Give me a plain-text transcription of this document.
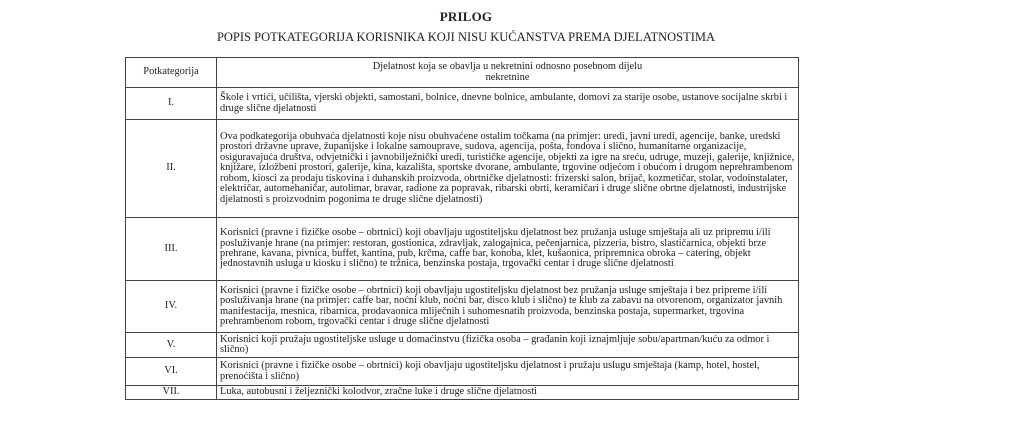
PRILOG
POPIS POTKATEGORIJA KORISNIKA KOJI NISU KUĆANSTVA PREMA DJELATNOSTIMA
Potkategorija	Djelatnost koja se obavlja u nekretnini odnosno posebnom dijelu nekretnine

I.	Škole i vrtići, učilišta, vjerski objekti, samostani, bolnice, dnevne bolnice, ambulante, domovi za starije osobe, ustanove socijalne skrbi i druge slične djelatnosti
II.	Ova podkategorija obuhvaća djelatnosti koje nisu obuhvaćene ostalim točkama (na primjer: uredi, javni uredi, agencije, banke, uredski prostori državne uprave, županijske i lokalne samouprave, sudova, agencija, pošta, fondova i slično, humanitarne organizacije, osiguravajuća društva, odvjetnički i javnobilježnički uredi, turističke agencije, objekti za igre na sreću, udruge, muzeji, galerije, knjižnice, knjižare, izložbeni prostori, galerije, kina, kazališta, sportske dvorane, ambulante, trgovine odjećom i obućom i drugom neprehrambenom robom, kiosci za prodaju tiskovina i duhanskih proizvoda, obrtničke djelatnosti: frizerski salon, brijač, kozmetičar, stolar, vodoinstalater, električar, automehaničar, autolimar, bravar, radione za popravak, ribarski obrti, keramičari i druge slične obrtne djelatnosti, industrijske djelatnosti s proizvodnim pogonima te druge slične djelatnosti)
III.	Korisnici (pravne i fizičke osobe – obrtnici) koji obavljaju ugostiteljsku djelatnost bez pružanja usluge smještaja ali uz pripremu i/ili posluživanje hrane (na primjer: restoran, gostionica, zdravljak, zalogajnica, pečenjarnica, pizzeria, bistro, slastičarnica, objekti brze prehrane, kavana, pivnica, buffet, kantina, pub, krčma, caffe bar, konoba, klet, kušaonica, pripremnica obroka – catering, objekt jednostavnih usluga u kiosku i slično) te tržnica, benzinska postaja, trgovački centar i druge slične djelatnosti
IV.	Korisnici (pravne i fizičke osobe – obrtnici) koji obavljaju ugostiteljsku djelatnost bez pružanja usluge smještaja i bez pripreme i/ili posluživanja hrane (na primjer: caffe bar, noćni klub, noćni bar, disco klub i slično) te klub za zabavu na otvorenom, organizator javnih manifestacija, mesnica, ribarnica, prodavaonica mliječnih i suhomesnatih proizvoda, benzinska postaja, supermarket, trgovina prehrambenom robom, trgovački centar i druge slične djelatnosti
V.	Korisnici koji pružaju ugostiteljske usluge u domaćinstvu (fizička osoba – građanin koji iznajmljuje sobu/apartman/kuću za odmor i slično)
VI.	Korisnici (pravne i fizičke osobe – obrtnici) koji obavljaju ugostiteljsku djelatnost i pružaju uslugu smještaja (kamp, hotel, hostel, prenoćišta i slično)
VII.	Luka, autobusni i željeznički kolodvor, zračne luke i druge slične djelatnosti
